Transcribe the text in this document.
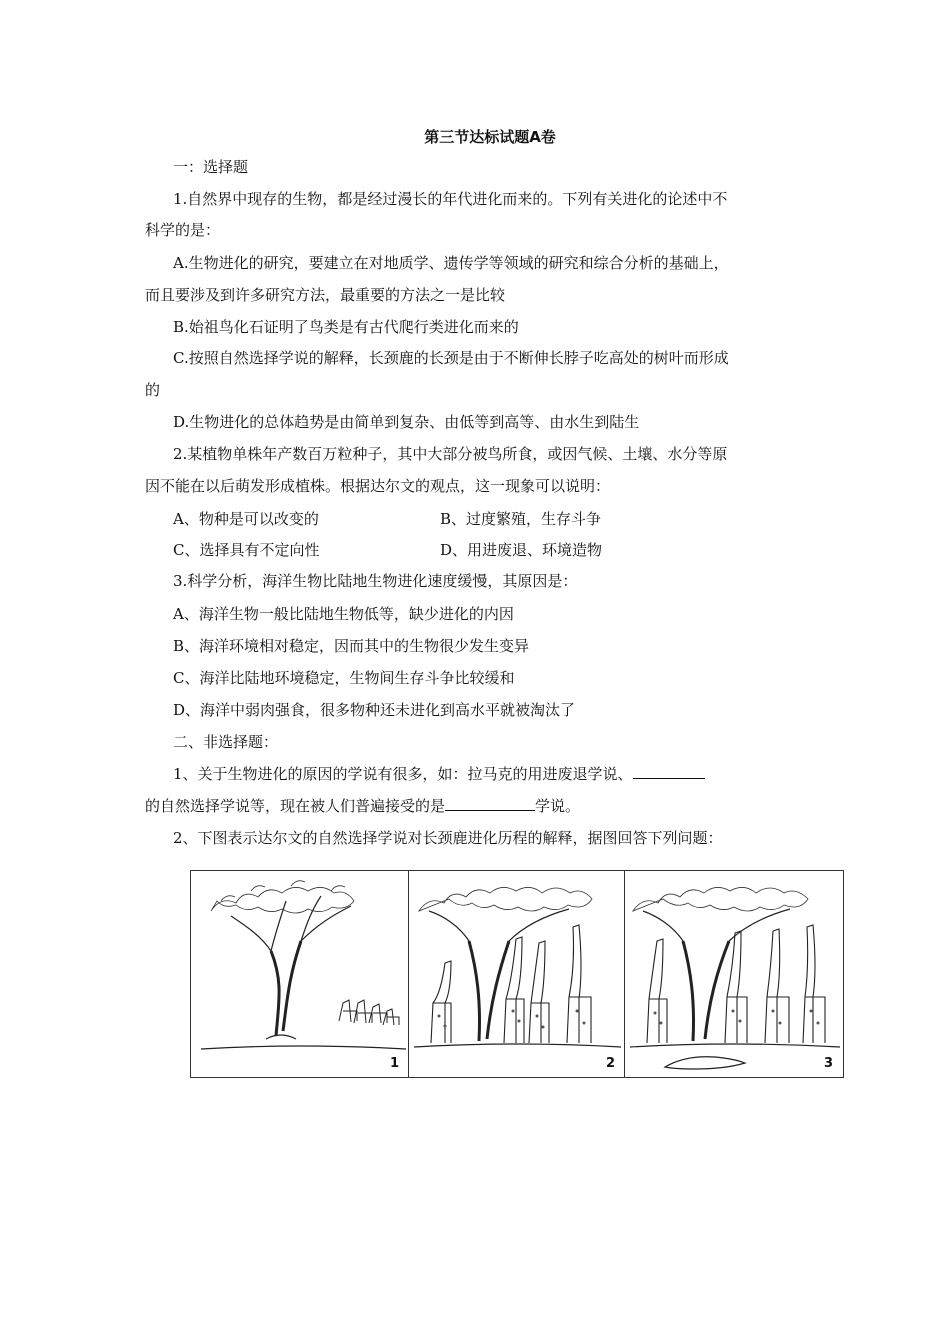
第三节达标试题A卷
一：选择题
1.自然界中现存的生物，都是经过漫长的年代进化而来的。下列有关进化的论述中不
科学的是：
A.生物进化的研究，要建立在对地质学、遗传学等领域的研究和综合分析的基础上，
而且要涉及到许多研究方法，最重要的方法之一是比较
B.始祖鸟化石证明了鸟类是有古代爬行类进化而来的
C.按照自然选择学说的解释，长颈鹿的长颈是由于不断伸长脖子吃高处的树叶而形成
的
D.生物进化的总体趋势是由简单到复杂、由低等到高等、由水生到陆生
2.某植物单株年产数百万粒种子，其中大部分被鸟所食，或因气候、土壤、水分等原
因不能在以后萌发形成植株。根据达尔文的观点，这一现象可以说明：
A、物种是可以改变的	B、过度繁殖，生存斗争
C、选择具有不定向性	D、用进废退、环境造物
3.科学分析，海洋生物比陆地生物进化速度缓慢，其原因是：
A、海洋生物一般比陆地生物低等，缺少进化的内因
B、海洋环境相对稳定，因而其中的生物很少发生变异
C、海洋比陆地环境稳定，生物间生存斗争比较缓和
D、海洋中弱肉强食，很多物种还未进化到高水平就被淘汰了
二、非选择题：
1、关于生物进化的原因的学说有很多，如：拉马克的用进废退学说、
的自然选择学说等，现在被人们普遍接受的是	学说。
2、下图表示达尔文的自然选择学说对长颈鹿进化历程的解释，据图回答下列问题：
1	2	3
